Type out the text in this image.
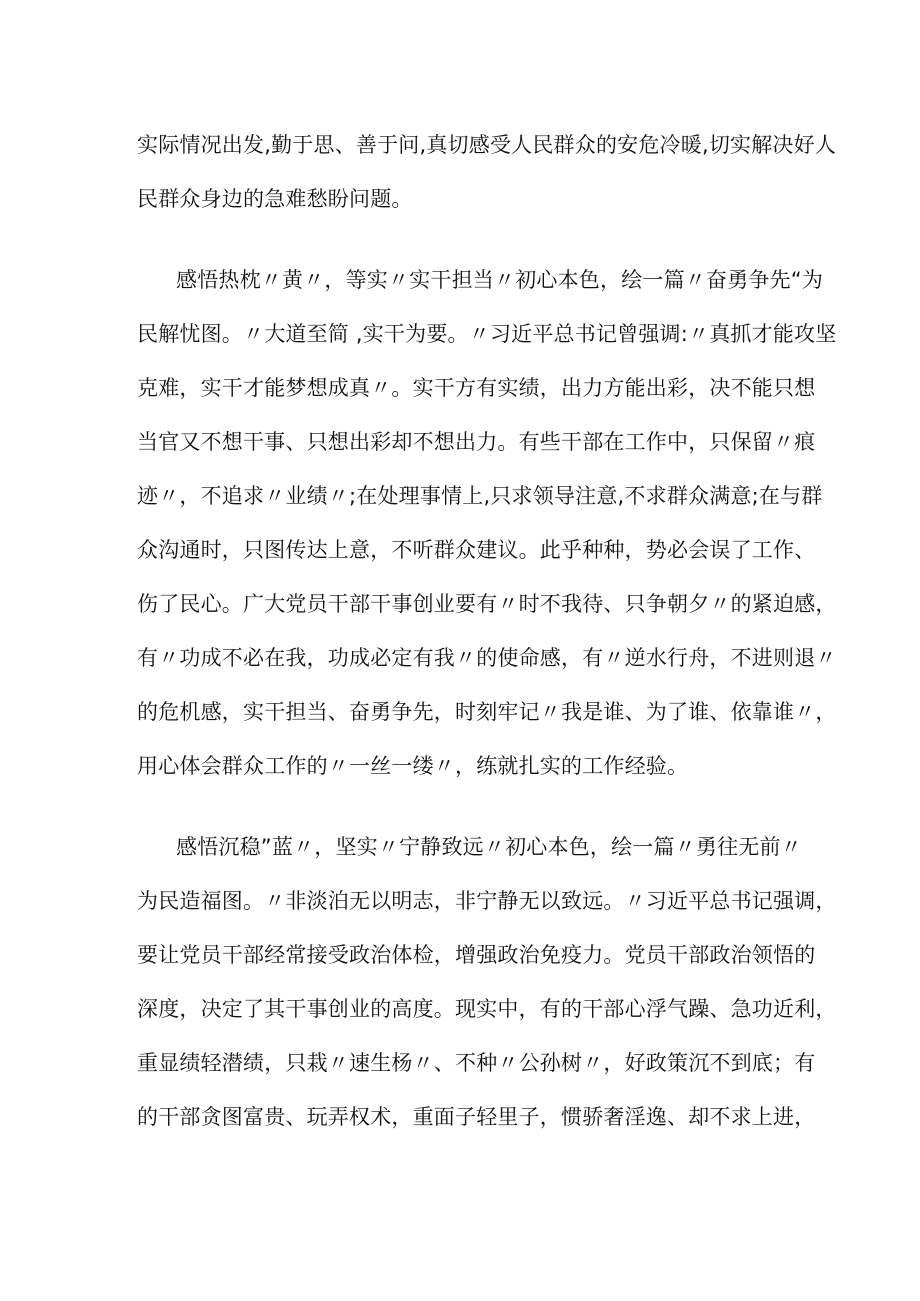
实际情况出发,勤于思、善于问,真切感受人民群众的安危冷暖,切实解决好人
民群众身边的急难愁盼问题。
感悟热枕〃黄〃，等实〃实干担当〃初心本色，绘一篇〃奋勇争先“为
民解忧图。〃大道至简 ,实干为要。〃习近平总书记曾强调:〃真抓才能攻坚
克难，实干才能梦想成真〃。实干方有实绩，出力方能出彩，决不能只想
当官又不想干事、只想出彩却不想出力。有些干部在工作中，只保留〃痕
迹〃，不追求〃业绩〃;在处理事情上,只求领导注意,不求群众满意;在与群
众沟通时，只图传达上意，不听群众建议。此乎种种，势必会误了工作、
伤了民心。广大党员干部干事创业要有〃时不我待、只争朝夕〃的紧迫感，
有〃功成不必在我，功成必定有我〃的使命感，有〃逆水行舟，不进则退〃
的危机感，实干担当、奋勇争先，时刻牢记〃我是谁、为了谁、依靠谁〃，
用心体会群众工作的〃一丝一缕〃，练就扎实的工作经验。
感悟沉稳”蓝〃，坚实〃宁静致远〃初心本色，绘一篇〃勇往无前〃
为民造福图。〃非淡泊无以明志，非宁静无以致远。〃习近平总书记强调，
要让党员干部经常接受政治体检，增强政治免疫力。党员干部政治领悟的
深度，决定了其干事创业的高度。现实中，有的干部心浮气躁、急功近利，
重显绩轻潜绩，只栽〃速生杨〃、不种〃公孙树〃，好政策沉不到底；有
的干部贪图富贵、玩弄权术，重面子轻里子，惯骄奢淫逸、却不求上进，
